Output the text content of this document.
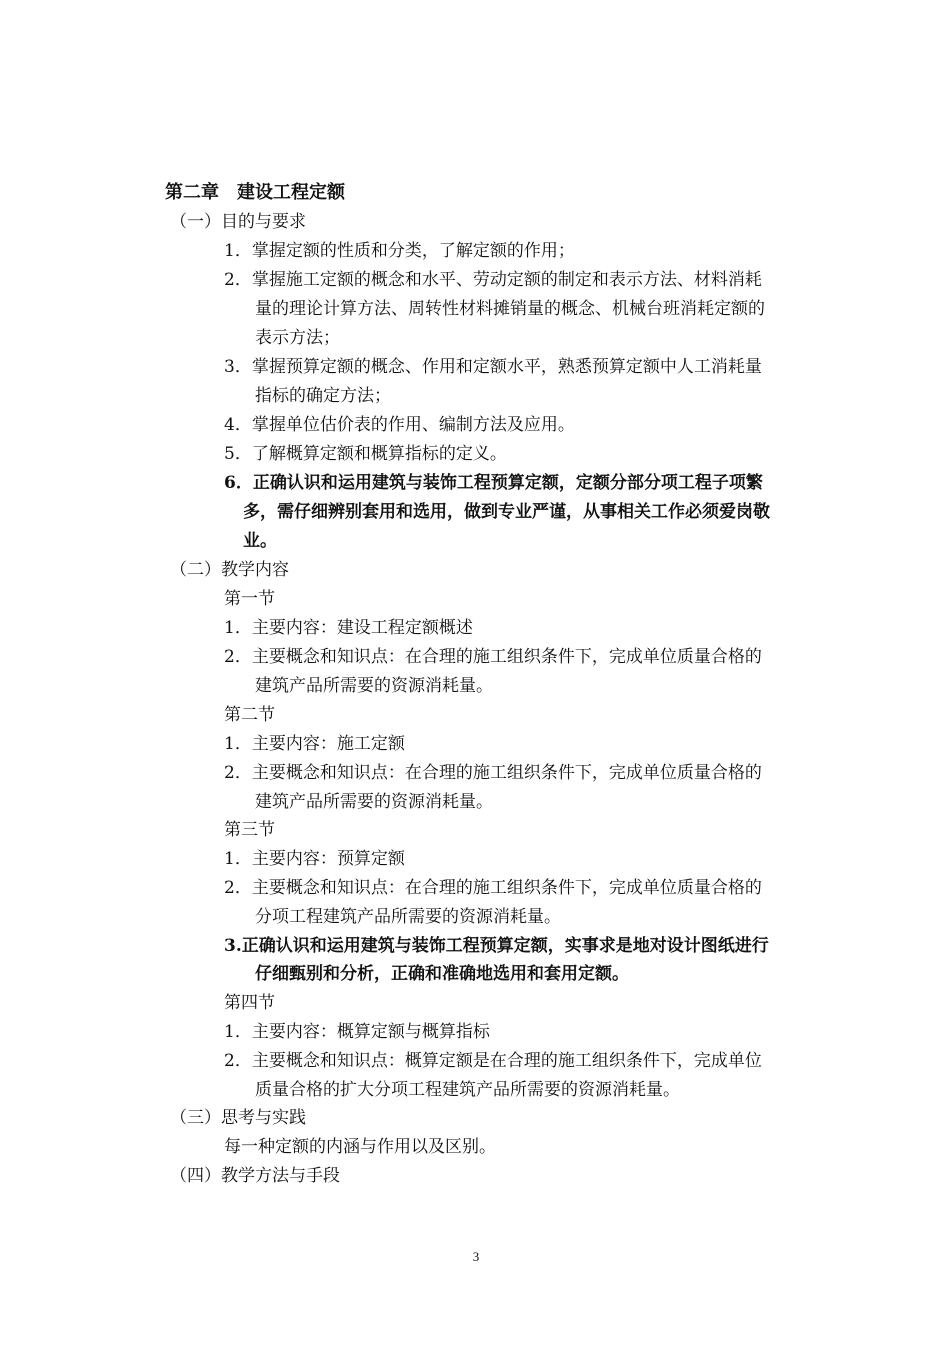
第二章　建设工程定额
（一）目的与要求
1．掌握定额的性质和分类，了解定额的作用；
2．掌握施工定额的概念和水平、劳动定额的制定和表示方法、材料消耗
量的理论计算方法、周转性材料摊销量的概念、机械台班消耗定额的
表示方法；
3．掌握预算定额的概念、作用和定额水平，熟悉预算定额中人工消耗量
指标的确定方法；
4．掌握单位估价表的作用、编制方法及应用。
5．了解概算定额和概算指标的定义。
6．正确认识和运用建筑与装饰工程预算定额，定额分部分项工程子项繁
多，需仔细辨别套用和选用，做到专业严谨，从事相关工作必须爱岗敬
业。
（二）教学内容
第一节
1．主要内容：建设工程定额概述
2．主要概念和知识点：在合理的施工组织条件下，完成单位质量合格的
建筑产品所需要的资源消耗量。
第二节
1．主要内容：施工定额
2．主要概念和知识点：在合理的施工组织条件下，完成单位质量合格的
建筑产品所需要的资源消耗量。
第三节
1．主要内容：预算定额
2．主要概念和知识点：在合理的施工组织条件下，完成单位质量合格的
分项工程建筑产品所需要的资源消耗量。
3.正确认识和运用建筑与装饰工程预算定额，实事求是地对设计图纸进行
仔细甄别和分析，正确和准确地选用和套用定额。
第四节
1．主要内容：概算定额与概算指标
2．主要概念和知识点：概算定额是在合理的施工组织条件下，完成单位
质量合格的扩大分项工程建筑产品所需要的资源消耗量。
（三）思考与实践
每一种定额的内涵与作用以及区别。
（四）教学方法与手段
3
